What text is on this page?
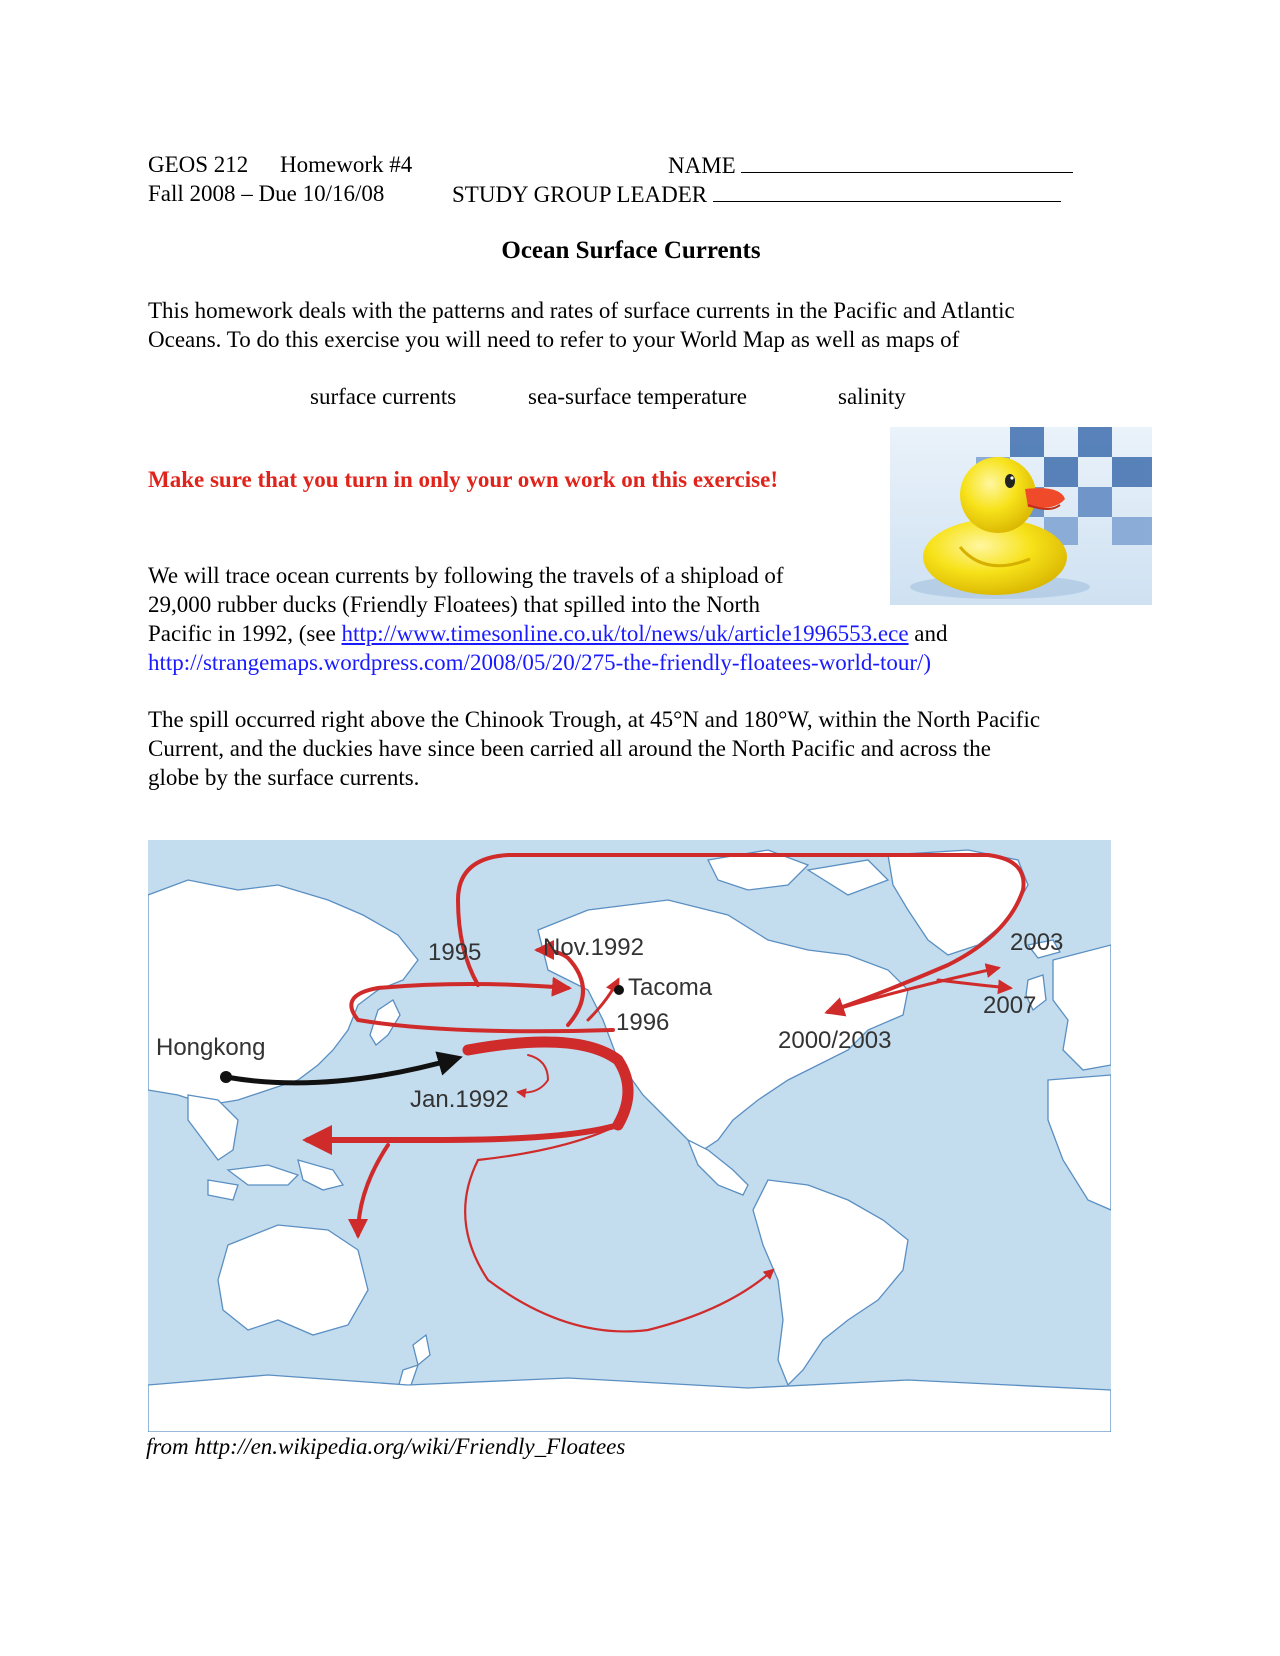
GEOS 212 Homework #4	NAME
Fall 2008 – Due 10/16/08	STUDY GROUP LEADER
Ocean Surface Currents
This homework deals with the patterns and rates of surface currents in the Pacific and Atlantic
Oceans. To do this exercise you will need to refer to your World Map as well as maps of
surface currents	sea-surface temperature	salinity
Make sure that you turn in only your own work on this exercise!
We will trace ocean currents by following the travels of a shipload of
29,000 rubber ducks (Friendly Floatees) that spilled into the North
Pacific in 1992, (see http://www.timesonline.co.uk/tol/news/uk/article1996553.ece and
http://strangemaps.wordpress.com/2008/05/20/275-the-friendly-floatees-world-tour/)
The spill occurred right above the Chinook Trough, at 45°N and 180°W, within the North Pacific
Current, and the duckies have since been carried all around the North Pacific and across the
globe by the surface currents.
Hongkong
Jan.1992
Nov.1992
1995
Tacoma
1996
2000/2003
2003
2007
from http://en.wikipedia.org/wiki/Friendly_Floatees
